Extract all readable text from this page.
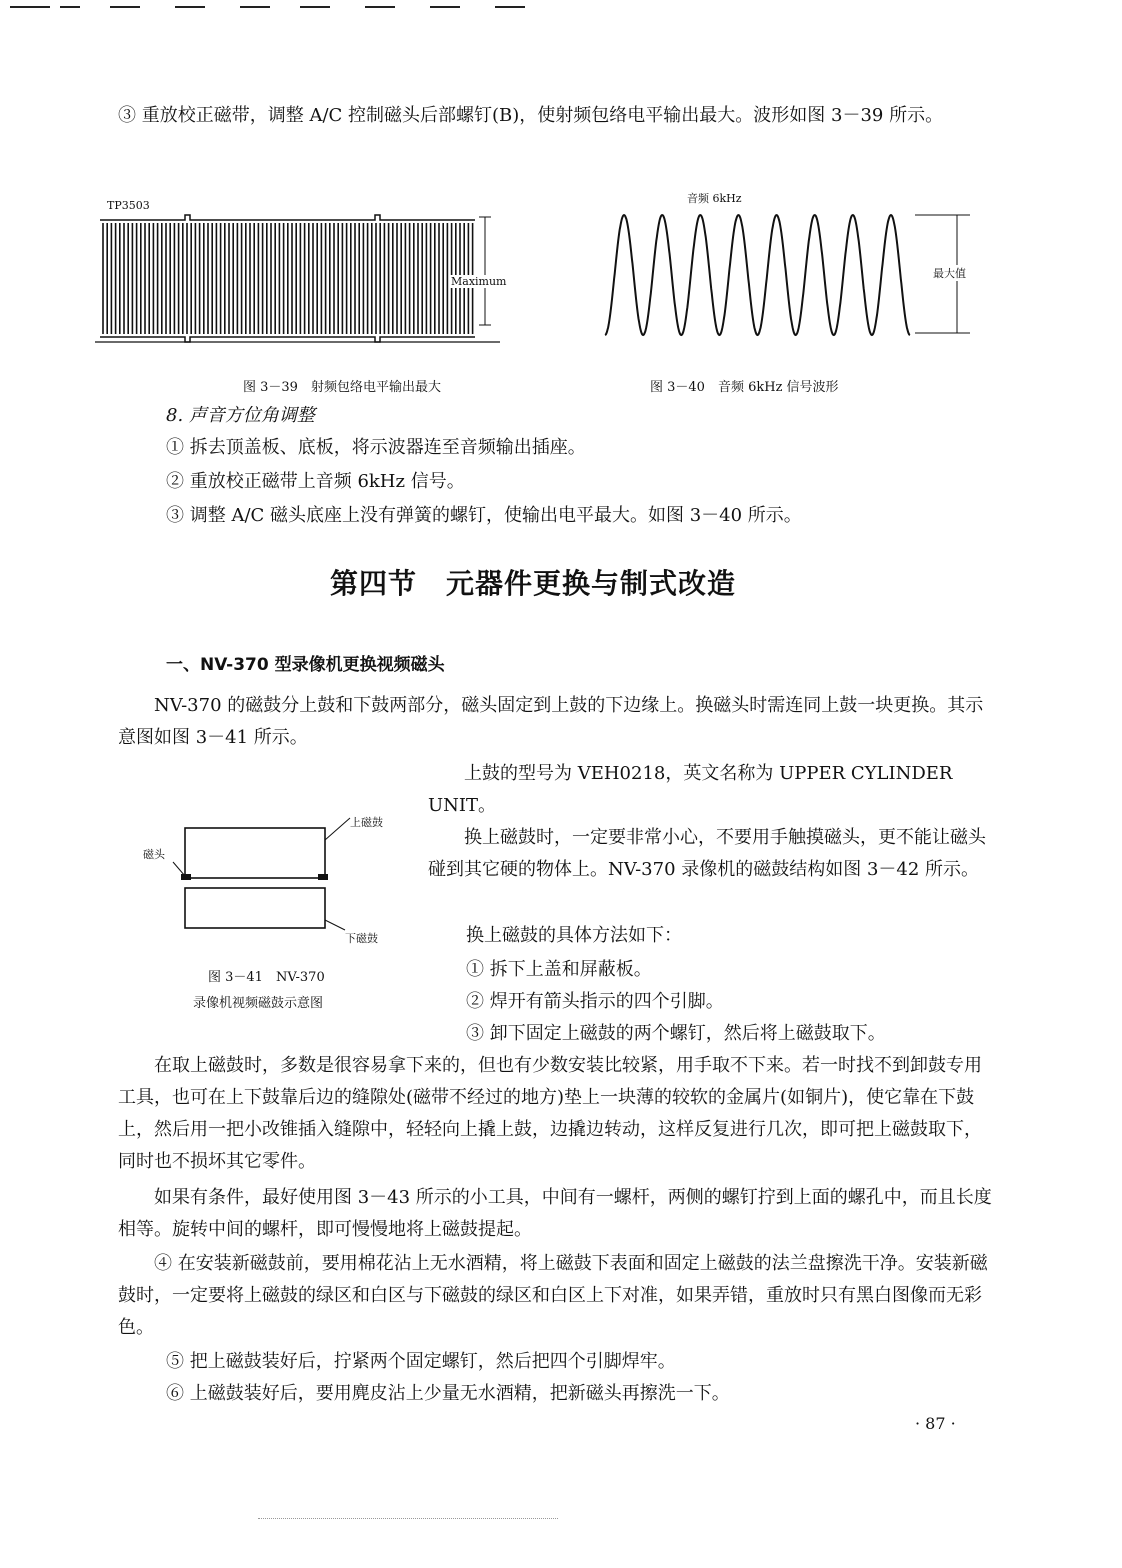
③ 重放校正磁带，调整 A/C 控制磁头后部螺钉(B)，使射频包络电平输出最大。波形如图 3－39 所示。

TP3503
Maximum
音频 6kHz
最大值
图 3－39　射频包络电平输出最大	图 3－40　音频 6kHz 信号波形

8. 声音方位角调整

① 拆去顶盖板、底板，将示波器连至音频输出插座。

② 重放校正磁带上音频 6kHz 信号。

③ 调整 A/C 磁头底座上没有弹簧的螺钉，使输出电平最大。如图 3－40 所示。

第四节　元器件更换与制式改造
一、NV-370 型录像机更换视频磁头

NV-370 的磁鼓分上鼓和下鼓两部分，磁头固定到上鼓的下边缘上。换磁头时需连同上鼓一块更换。其示意图如图 3－41 所示。

上磁鼓
磁头
下磁鼓
图 3－41　NV-370
录像机视频磁鼓示意图

上鼓的型号为 VEH0218，英文名称为 UPPER CYLINDER UNIT。

换上磁鼓时，一定要非常小心，不要用手触摸磁头，更不能让磁头碰到其它硬的物体上。NV-370 录像机的磁鼓结构如图 3－42 所示。

换上磁鼓的具体方法如下：

① 拆下上盖和屏蔽板。

② 焊开有箭头指示的四个引脚。

③ 卸下固定上磁鼓的两个螺钉，然后将上磁鼓取下。

在取上磁鼓时，多数是很容易拿下来的，但也有少数安装比较紧，用手取不下来。若一时找不到卸鼓专用工具，也可在上下鼓靠后边的缝隙处(磁带不经过的地方)垫上一块薄的较软的金属片(如铜片)，使它靠在下鼓上，然后用一把小改锥插入缝隙中，轻轻向上撬上鼓，边撬边转动，这样反复进行几次，即可把上磁鼓取下，同时也不损坏其它零件。

如果有条件，最好使用图 3－43 所示的小工具，中间有一螺杆，两侧的螺钉拧到上面的螺孔中，而且长度相等。旋转中间的螺杆，即可慢慢地将上磁鼓提起。

④ 在安装新磁鼓前，要用棉花沾上无水酒精，将上磁鼓下表面和固定上磁鼓的法兰盘擦洗干净。安装新磁鼓时，一定要将上磁鼓的绿区和白区与下磁鼓的绿区和白区上下对准，如果弄错，重放时只有黑白图像而无彩色。

⑤ 把上磁鼓装好后，拧紧两个固定螺钉，然后把四个引脚焊牢。

⑥ 上磁鼓装好后，要用麂皮沾上少量无水酒精，把新磁头再擦洗一下。

· 87 ·
